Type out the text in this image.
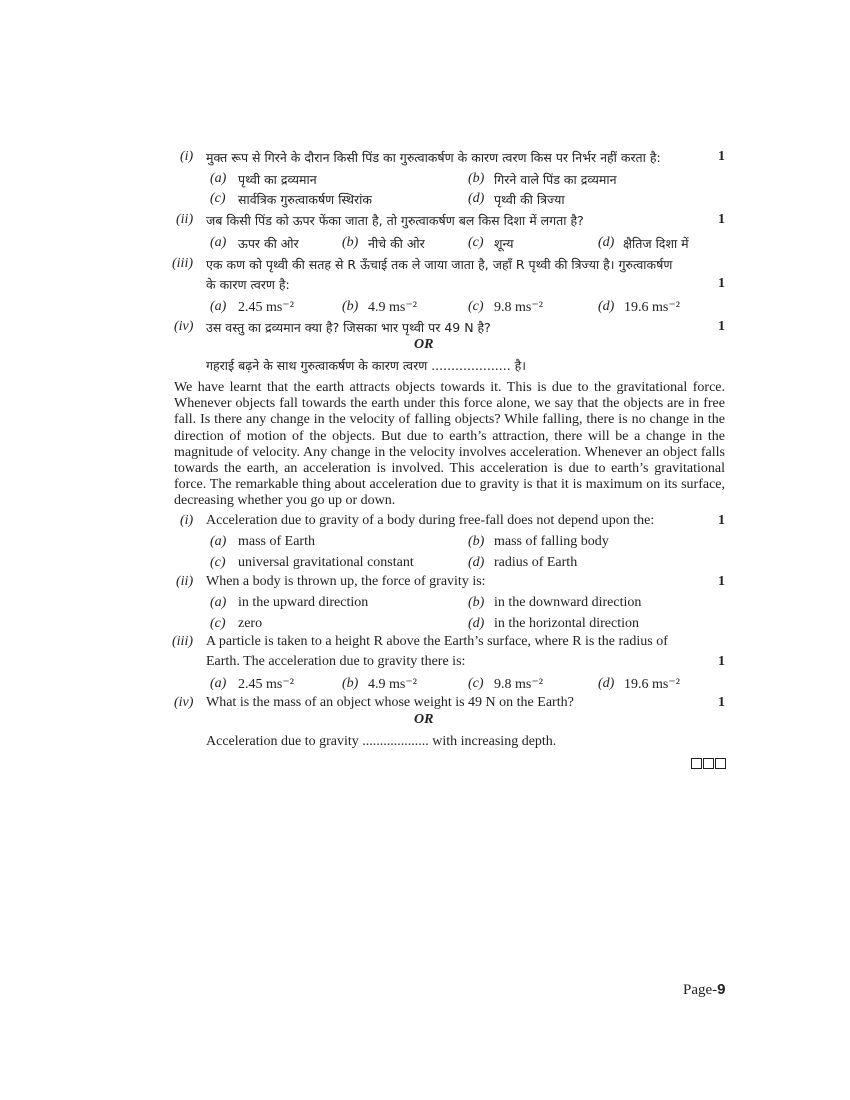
(i) मुक्त रूप से गिरने के दौरान किसी पिंड का गुरुत्वाकर्षण के कारण त्वरण किस पर निर्भर नहीं करता है:	1
(a) पृथ्वी का द्रव्यमान	(b) गिरने वाले पिंड का द्रव्यमान
(c) सार्वत्रिक गुरुत्वाकर्षण स्थिरांक	(d) पृथ्वी की त्रिज्या
(ii) जब किसी पिंड को ऊपर फेंका जाता है, तो गुरुत्वाकर्षण बल किस दिशा में लगता है?	1
(a) ऊपर की ओर	(b) नीचे की ओर	(c) शून्य	(d) क्षैतिज दिशा में
(iii) एक कण को पृथ्वी की सतह से R ऊँचाई तक ले जाया जाता है, जहाँ R पृथ्वी की त्रिज्या है। गुरुत्वाकर्षण
के कारण त्वरण है:	1
(a) 2.45 ms⁻²	(b) 4.9 ms⁻²	(c) 9.8 ms⁻²	(d) 19.6 ms⁻²
(iv) उस वस्तु का द्रव्यमान क्या है? जिसका भार पृथ्वी पर 49 N है?	1
OR
गहराई बढ़ने के साथ गुरुत्वाकर्षण के कारण त्वरण .................... है।
We have learnt that the earth attracts objects towards it. This is due to the gravitational force. Whenever objects fall towards the earth under this force alone, we say that the objects are in free fall. Is there any change in the velocity of falling objects? While falling, there is no change in the direction of motion of the objects. But due to earth’s attraction, there will be a change in the magnitude of velocity. Any change in the velocity involves acceleration. Whenever an object falls towards the earth, an acceleration is involved. This acceleration is due to earth’s gravitational force. The remarkable thing about acceleration due to gravity is that it is maximum on its surface, decreasing whether you go up or down.
(i) Acceleration due to gravity of a body during free-fall does not depend upon the:	1
(a) mass of Earth	(b) mass of falling body
(c) universal gravitational constant	(d) radius of Earth
(ii) When a body is thrown up, the force of gravity is:	1
(a) in the upward direction	(b) in the downward direction
(c) zero	(d) in the horizontal direction
(iii) A particle is taken to a height R above the Earth’s surface, where R is the radius of
Earth. The acceleration due to gravity there is:	1
(a) 2.45 ms⁻²	(b) 4.9 ms⁻²	(c) 9.8 ms⁻²	(d) 19.6 ms⁻²
(iv) What is the mass of an object whose weight is 49 N on the Earth?	1
OR
Acceleration due to gravity ................... with increasing depth.
Page-9
